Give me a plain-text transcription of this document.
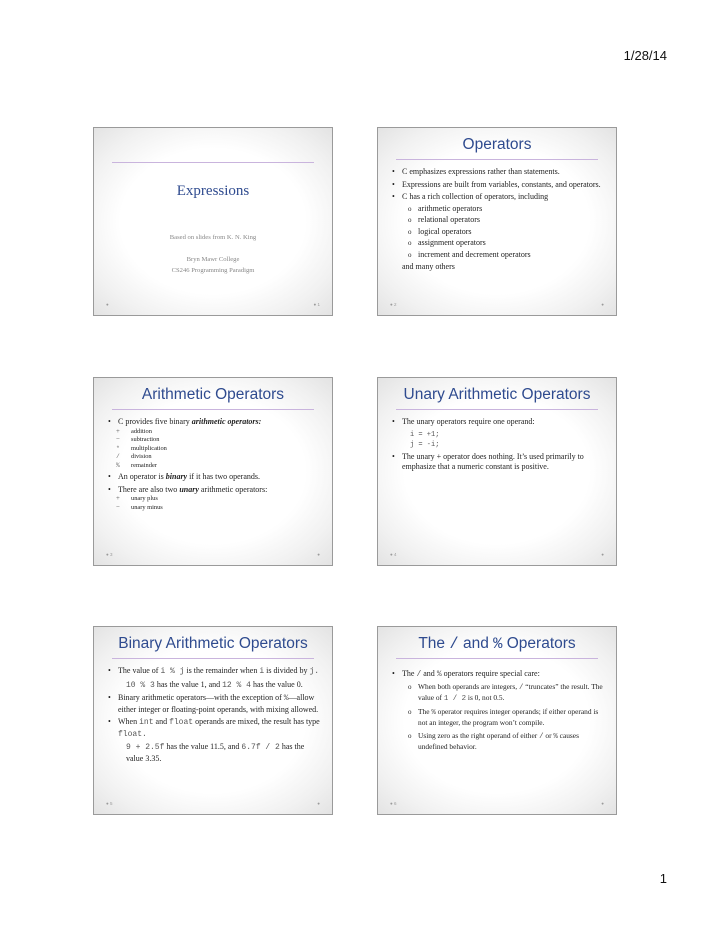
1/28/14
Expressions
Based on slides from K. N. King
Bryn Mawr College
CS246 Programming Paradigm
●	● 1
Operators
• C emphasizes expressions rather than statements.
• Expressions are built from variables, constants, and operators.
• C has a rich collection of operators, including
o arithmetic operators
o relational operators
o logical operators
o assignment operators
o increment and decrement operators
and many others
● 2	●
Arithmetic Operators
• C provides five binary arithmetic operators:
+	addition
−	subtraction
*	multiplication
/	division
%	remainder
• An operator is binary if it has two operands.
• There are also two unary arithmetic operators:
+	unary plus
−	unary minus
● 3	●
Unary Arithmetic Operators
• The unary operators require one operand:
i = +1;
j = -i;
• The unary + operator does nothing. It’s used primarily to emphasize that a numeric constant is positive.
● 4	●
Binary Arithmetic Operators
• The value of i % j is the remainder when i is divided by j.
10 % 3 has the value 1, and 12 % 4 has the value 0.
• Binary arithmetic operators—with the exception of %—allow either integer or floating-point operands, with mixing allowed.
• When int and float operands are mixed, the result has type float.
9 + 2.5f has the value 11.5, and 6.7f / 2 has the value 3.35.
● 5	●
The / and % Operators
• The / and % operators require special care:
o When both operands are integers, / “truncates” the result. The value of 1 / 2 is 0, not 0.5.
o The % operator requires integer operands; if either operand is not an integer, the program won’t compile.
o Using zero as the right operand of either / or % causes undefined behavior.
● 6	●
1
